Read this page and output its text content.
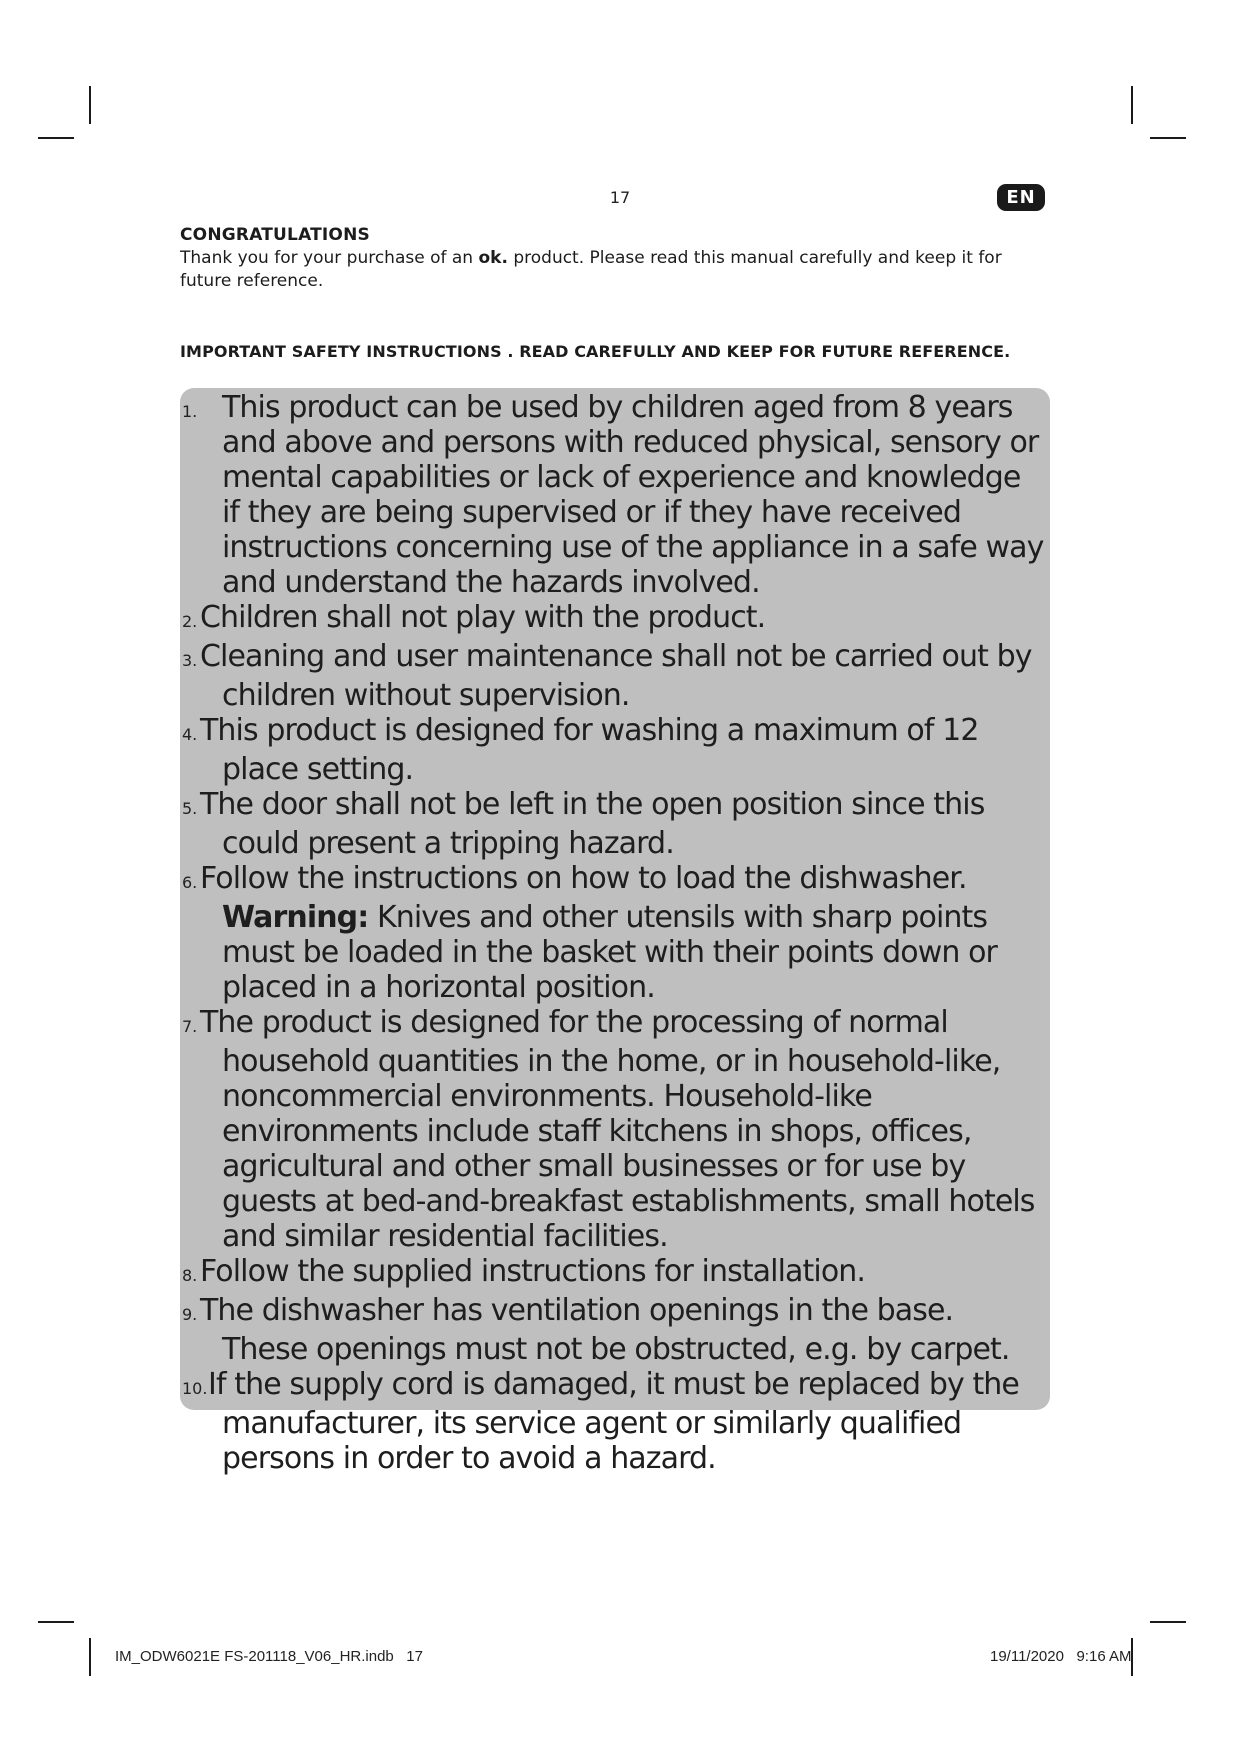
17	EN
CONGRATULATIONS
Thank you for your purchase of an ok. product. Please read this manual carefully and keep it for future reference.
IMPORTANT SAFETY INSTRUCTIONS . READ CAREFULLY AND KEEP FOR FUTURE REFERENCE.
1. This product can be used by children aged from 8 years and above and persons with reduced physical, sensory or mental capabilities or lack of experience and knowledge if they are being supervised or if they have received instructions concerning use of the appliance in a safe way and understand the hazards involved.
2.Children shall not play with the product.
3.Cleaning and user maintenance shall not be carried out by children without supervision.
4.This product is designed for washing a maximum of 12 place setting.
5.The door shall not be left in the open position since this could present a tripping hazard.
6.Follow the instructions on how to load the dishwasher.
Warning: Knives and other utensils with sharp points must be loaded in the basket with their points down or placed in a horizontal position.
7.The product is designed for the processing of normal household quantities in the home, or in household-like, noncommercial environments. Household-like environments include staff kitchens in shops, offices, agricultural and other small businesses or for use by guests at bed-and-breakfast establishments, small hotels and similar residential facilities.
8.Follow the supplied instructions for installation.
9.The dishwasher has ventilation openings in the base. These openings must not be obstructed, e.g. by carpet.
10.If the supply cord is damaged, it must be replaced by the manufacturer, its service agent or similarly qualified persons in order to avoid a hazard.
IM_ODW6021E FS-201118_V06_HR.indb   17	19/11/2020   9:16 AM
